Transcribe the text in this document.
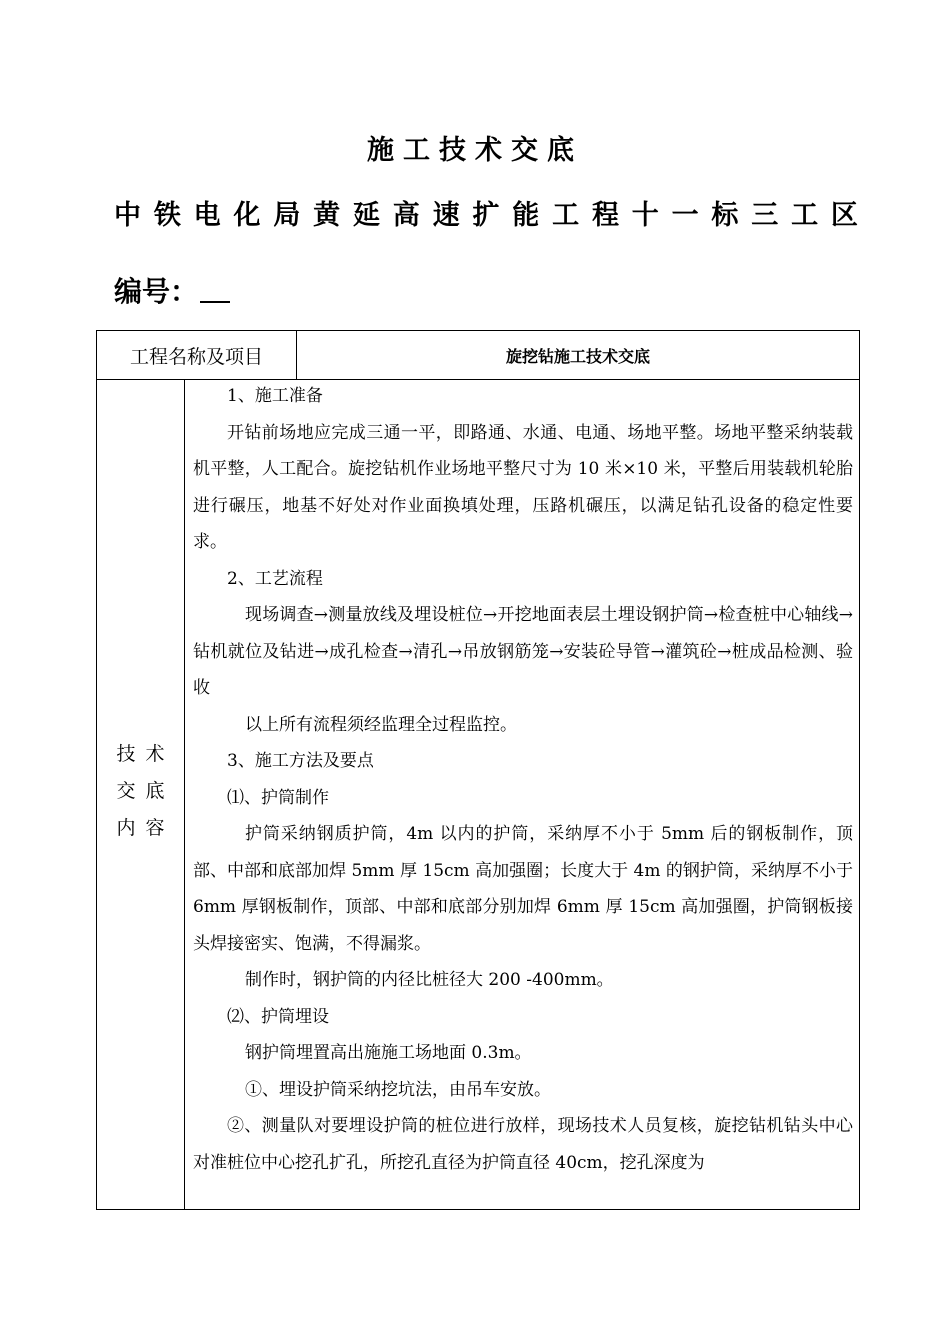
施工技术交底
中 铁 电 化 局 黄 延 高 速 扩 能 工 程 十 一 标 三 工 区
编号：
工程名称及项目	旋挖钻施工技术交底
技术
交底
内容

1、施工准备

开钻前场地应完成三通一平，即路通、水通、电通、场地平整。场地平整采纳装载机平整，人工配合。旋挖钻机作业场地平整尺寸为 10 米×10 米，平整后用装载机轮胎进行碾压，地基不好处对作业面换填处理，压路机碾压，以满足钻孔设备的稳定性要求。

2、工艺流程

现场调查→测量放线及埋设桩位→开挖地面表层土埋设钢护筒→检查桩中心轴线→钻机就位及钻进→成孔检查→清孔→吊放钢筋笼→安装砼导管→灌筑砼→桩成品检测、验收

以上所有流程须经监理全过程监控。

3、施工方法及要点

⑴、护筒制作

护筒采纳钢质护筒，4m 以内的护筒，采纳厚不小于 5mm 后的钢板制作，顶部、中部和底部加焊 5mm 厚 15cm 高加强圈；长度大于 4m 的钢护筒，采纳厚不小于 6mm 厚钢板制作，顶部、中部和底部分别加焊 6mm 厚 15cm 高加强圈，护筒钢板接头焊接密实、饱满，不得漏浆。

制作时，钢护筒的内径比桩径大 200 -400mm。

⑵、护筒埋设

钢护筒埋置高出施施工场地面 0.3m。

①、埋设护筒采纳挖坑法，由吊车安放。

②、测量队对要埋设护筒的桩位进行放样，现场技术人员复核，旋挖钻机钻头中心对准桩位中心挖孔扩孔，所挖孔直径为护筒直径 40cm，挖孔深度为
